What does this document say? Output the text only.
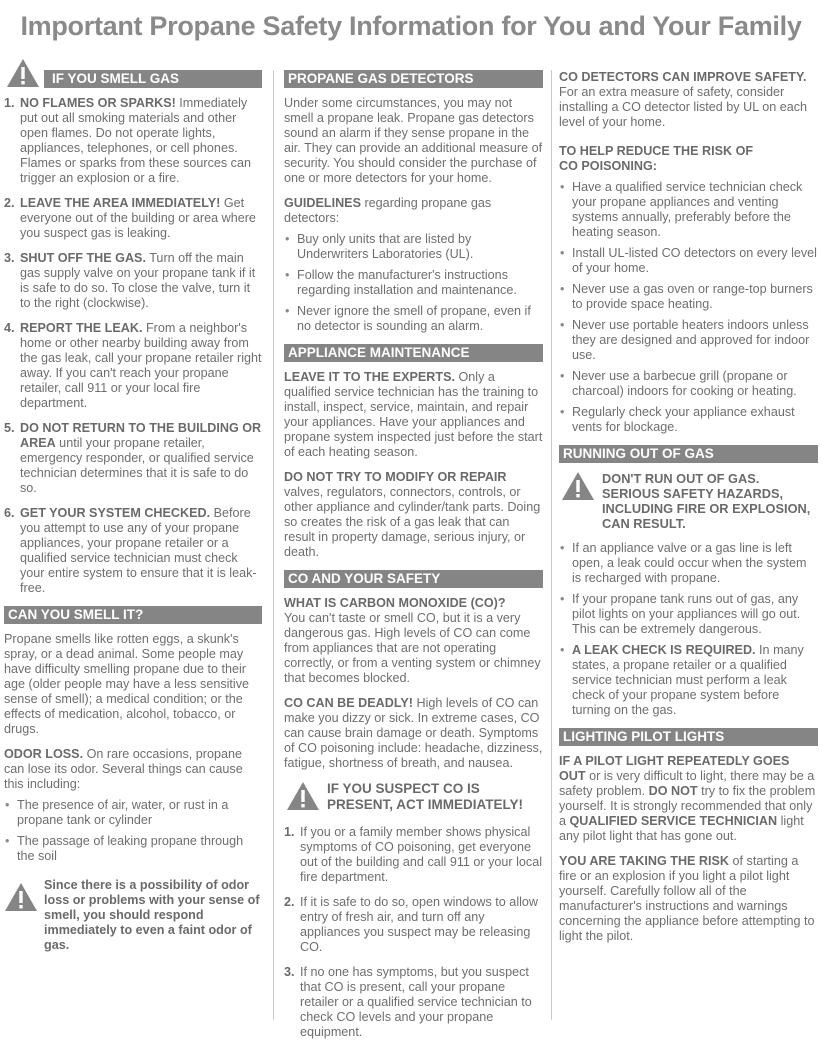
Important Propane Safety Information for You and Your Family
IF YOU SMELL GAS
1. NO FLAMES OR SPARKS! Immediately put out all smoking materials and other open flames. Do not operate lights, appliances, telephones, or cell phones. Flames or sparks from these sources can trigger an explosion or a fire.
2. LEAVE THE AREA IMMEDIATELY! Get everyone out of the building or area where you suspect gas is leaking.
3. SHUT OFF THE GAS. Turn off the main gas supply valve on your propane tank if it is safe to do so. To close the valve, turn it to the right (clockwise).
4. REPORT THE LEAK. From a neighbor's home or other nearby building away from the gas leak, call your propane retailer right away. If you can't reach your propane retailer, call 911 or your local fire department.
5. DO NOT RETURN TO THE BUILDING OR AREA until your propane retailer, emergency responder, or qualified service technician determines that it is safe to do so.
6. GET YOUR SYSTEM CHECKED. Before you attempt to use any of your propane appliances, your propane retailer or a qualified service technician must check your entire system to ensure that it is leak-free.
CAN YOU SMELL IT?

Propane smells like rotten eggs, a skunk's spray, or a dead animal. Some people may have difficulty smelling propane due to their age (older people may have a less sensitive sense of smell); a medical condition; or the effects of medication, alcohol, tobacco, or drugs.

ODOR LOSS. On rare occasions, propane can lose its odor. Several things can cause this including:

• The presence of air, water, or rust in a propane tank or cylinder
• The passage of leaking propane through the soil
Since there is a possibility of odor loss or problems with your sense of smell, you should respond immediately to even a faint odor of gas.
PROPANE GAS DETECTORS

Under some circumstances, you may not smell a propane leak. Propane gas detectors sound an alarm if they sense propane in the air. They can provide an additional measure of security. You should consider the purchase of one or more detectors for your home.

GUIDELINES regarding propane gas detectors:

• Buy only units that are listed by Underwriters Laboratories (UL).
• Follow the manufacturer's instructions regarding installation and maintenance.
• Never ignore the smell of propane, even if no detector is sounding an alarm.
APPLIANCE MAINTENANCE

LEAVE IT TO THE EXPERTS. Only a qualified service technician has the training to install, inspect, service, maintain, and repair your appliances. Have your appliances and propane system inspected just before the start of each heating season.

DO NOT TRY TO MODIFY OR REPAIR valves, regulators, connectors, controls, or other appliance and cylinder/tank parts. Doing so creates the risk of a gas leak that can result in property damage, serious injury, or death.

CO AND YOUR SAFETY

WHAT IS CARBON MONOXIDE (CO)?
You can't taste or smell CO, but it is a very dangerous gas. High levels of CO can come from appliances that are not operating correctly, or from a venting system or chimney that becomes blocked.

CO CAN BE DEADLY! High levels of CO can make you dizzy or sick. In extreme cases, CO can cause brain damage or death. Symptoms of CO poisoning include: headache, dizziness, fatigue, shortness of breath, and nausea.

IF YOU SUSPECT CO IS PRESENT, ACT IMMEDIATELY!
1. If you or a family member shows physical symptoms of CO poisoning, get everyone out of the building and call 911 or your local fire department.
2. If it is safe to do so, open windows to allow entry of fresh air, and turn off any appliances you suspect may be releasing CO.
3. If no one has symptoms, but you suspect that CO is present, call your propane retailer or a qualified service technician to check CO levels and your propane equipment.

CO DETECTORS CAN IMPROVE SAFETY. For an extra measure of safety, consider installing a CO detector listed by UL on each level of your home.

TO HELP REDUCE THE RISK OF CO POISONING:
• Have a qualified service technician check your propane appliances and venting systems annually, preferably before the heating season.
• Install UL-listed CO detectors on every level of your home.
• Never use a gas oven or range-top burners to provide space heating.
• Never use portable heaters indoors unless they are designed and approved for indoor use.
• Never use a barbecue grill (propane or charcoal) indoors for cooking or heating.
• Regularly check your appliance exhaust vents for blockage.
RUNNING OUT OF GAS
DON'T RUN OUT OF GAS. SERIOUS SAFETY HAZARDS, INCLUDING FIRE OR EXPLOSION, CAN RESULT.
• If an appliance valve or a gas line is left open, a leak could occur when the system is recharged with propane.
• If your propane tank runs out of gas, any pilot lights on your appliances will go out. This can be extremely dangerous.
• A LEAK CHECK IS REQUIRED. In many states, a propane retailer or a qualified service technician must perform a leak check of your propane system before turning on the gas.
LIGHTING PILOT LIGHTS

IF A PILOT LIGHT REPEATEDLY GOES OUT or is very difficult to light, there may be a safety problem. DO NOT try to fix the problem yourself. It is strongly recommended that only a QUALIFIED SERVICE TECHNICIAN light any pilot light that has gone out.

YOU ARE TAKING THE RISK of starting a fire or an explosion if you light a pilot light yourself. Carefully follow all of the manufacturer's instructions and warnings concerning the appliance before attempting to light the pilot.
